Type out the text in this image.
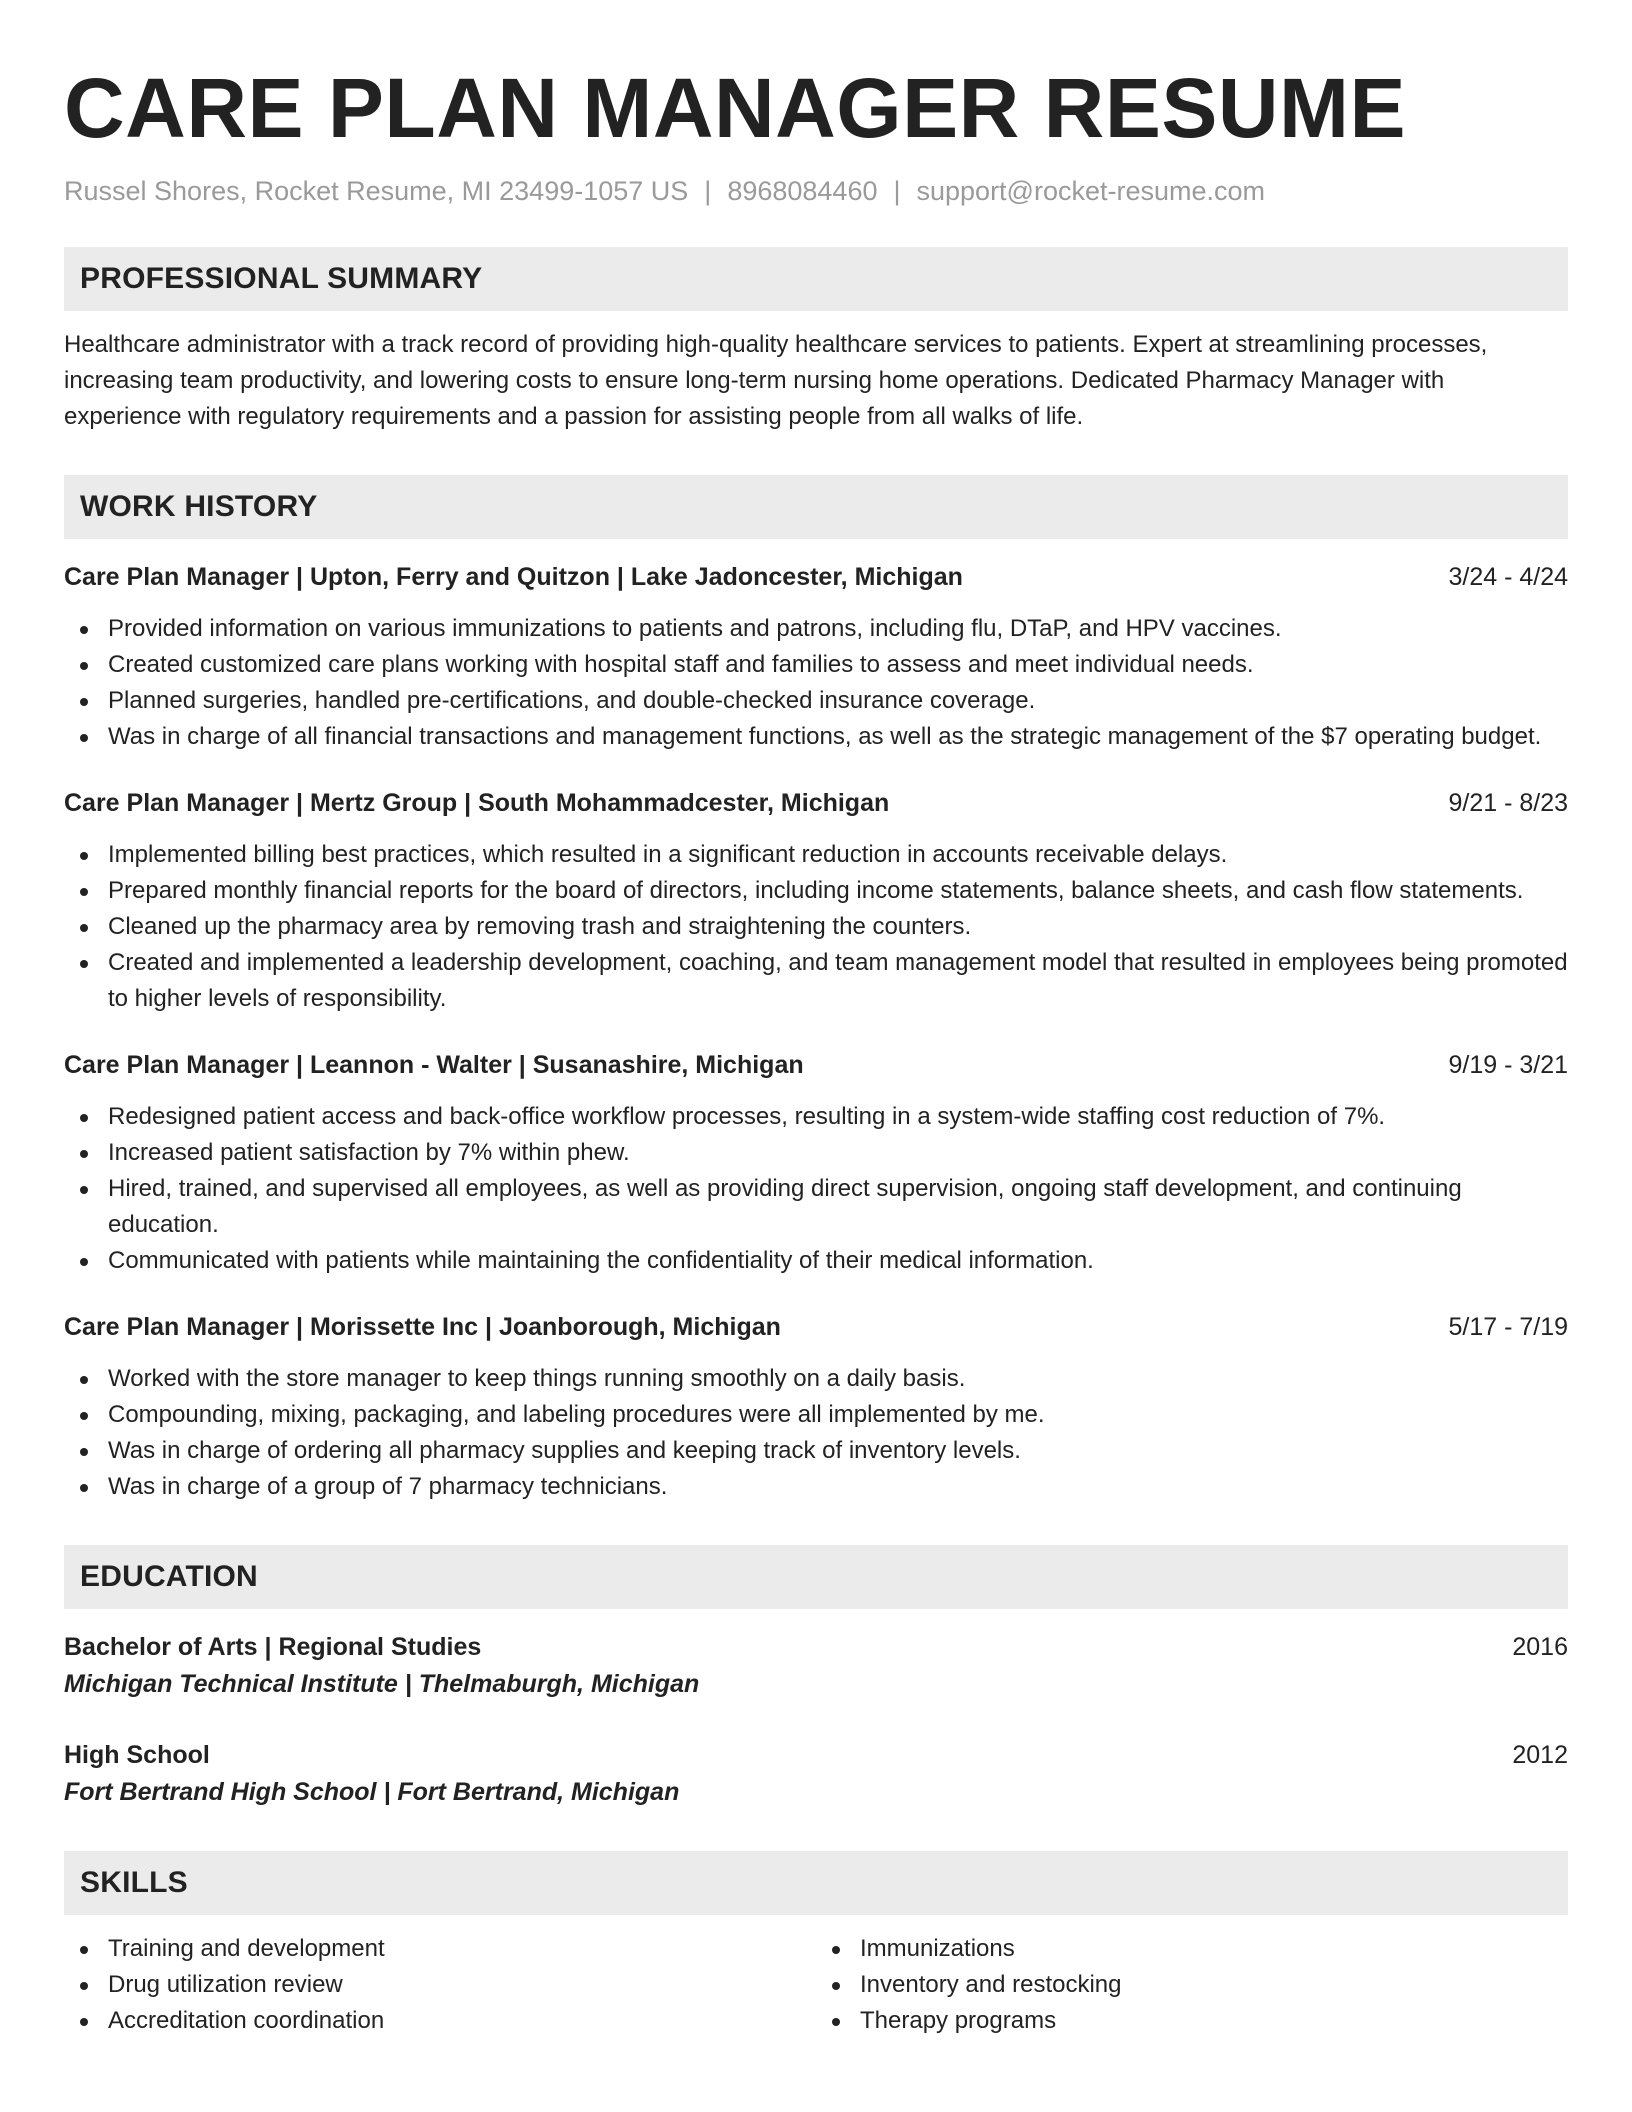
CARE PLAN MANAGER RESUME
Russel Shores, Rocket Resume, MI 23499-1057 US | 8968084460 | support@rocket-resume.com
PROFESSIONAL SUMMARY

Healthcare administrator with a track record of providing high-quality healthcare services to patients. Expert at streamlining processes, increasing team productivity, and lowering costs to ensure long-term nursing home operations. Dedicated Pharmacy Manager with experience with regulatory requirements and a passion for assisting people from all walks of life.

WORK HISTORY
Care Plan Manager | Upton, Ferry and Quitzon | Lake Jadoncester, Michigan	3/24 - 4/24
Provided information on various immunizations to patients and patrons, including flu, DTaP, and HPV vaccines.
Created customized care plans working with hospital staff and families to assess and meet individual needs.
Planned surgeries, handled pre-certifications, and double-checked insurance coverage.
Was in charge of all financial transactions and management functions, as well as the strategic management of the $7 operating budget.
Care Plan Manager | Mertz Group | South Mohammadcester, Michigan	9/21 - 8/23
Implemented billing best practices, which resulted in a significant reduction in accounts receivable delays.
Prepared monthly financial reports for the board of directors, including income statements, balance sheets, and cash flow statements.
Cleaned up the pharmacy area by removing trash and straightening the counters.
Created and implemented a leadership development, coaching, and team management model that resulted in employees being promoted to higher levels of responsibility.
Care Plan Manager | Leannon - Walter | Susanashire, Michigan	9/19 - 3/21
Redesigned patient access and back-office workflow processes, resulting in a system-wide staffing cost reduction of 7%.
Increased patient satisfaction by 7% within phew.
Hired, trained, and supervised all employees, as well as providing direct supervision, ongoing staff development, and continuing education.
Communicated with patients while maintaining the confidentiality of their medical information.
Care Plan Manager | Morissette Inc | Joanborough, Michigan	5/17 - 7/19
Worked with the store manager to keep things running smoothly on a daily basis.
Compounding, mixing, packaging, and labeling procedures were all implemented by me.
Was in charge of ordering all pharmacy supplies and keeping track of inventory levels.
Was in charge of a group of 7 pharmacy technicians.
EDUCATION
Bachelor of Arts | Regional Studies	2016
Michigan Technical Institute | Thelmaburgh, Michigan
High School	2012
Fort Bertrand High School | Fort Bertrand, Michigan
SKILLS
Training and development
Drug utilization review
Accreditation coordination
Immunizations
Inventory and restocking
Therapy programs
